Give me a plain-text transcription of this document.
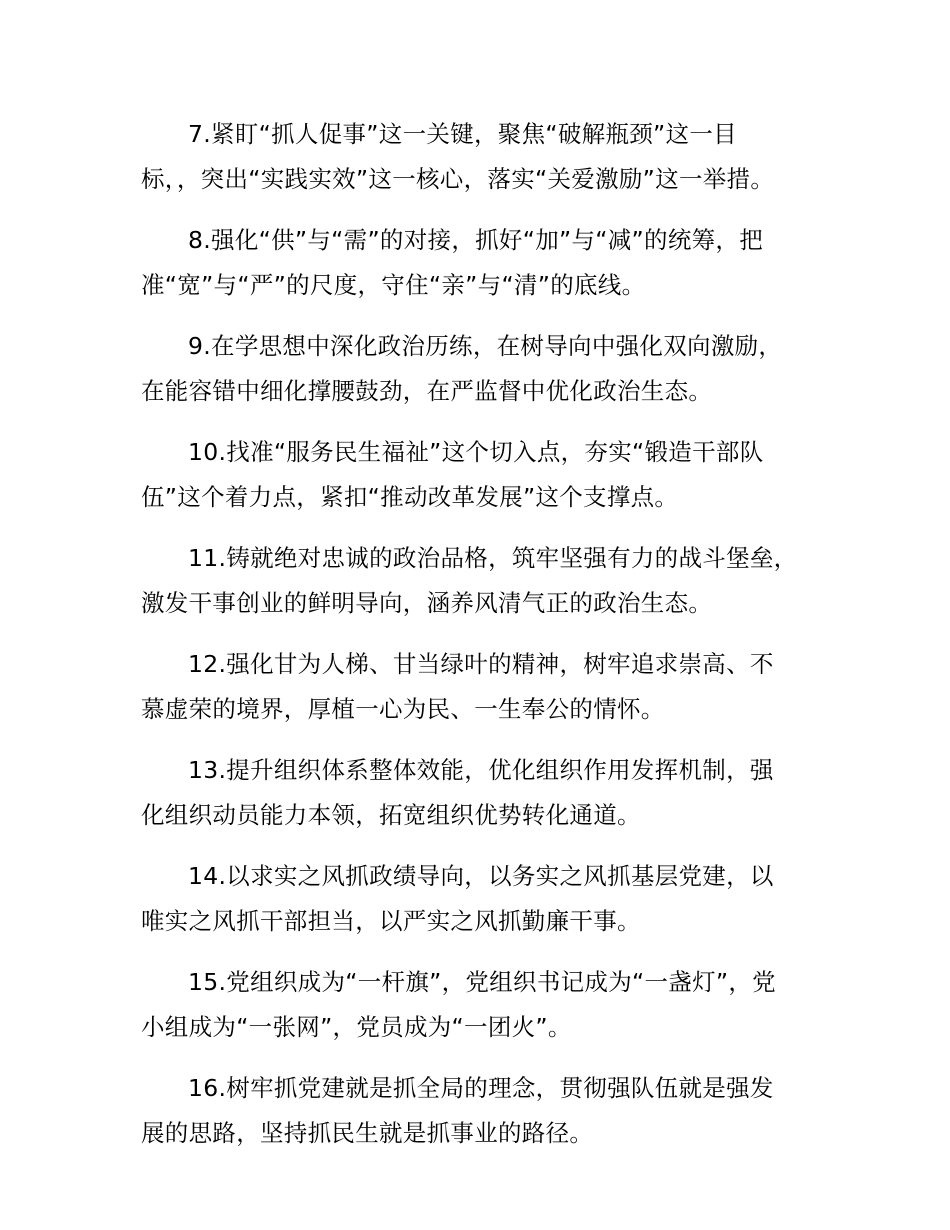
7.紧盯“抓人促事”这一关键，聚焦“破解瓶颈”这一目
标，，突出“实践实效”这一核心，落实“关爱激励”这一举措。

8.强化“供”与“需”的对接，抓好“加”与“减”的统筹，把
准“宽”与“严”的尺度，守住“亲”与“清”的底线。

9.在学思想中深化政治历练，在树导向中强化双向激励，
在能容错中细化撑腰鼓劲，在严监督中优化政治生态。

10.找准“服务民生福祉”这个切入点，夯实“锻造干部队
伍”这个着力点，紧扣“推动改革发展”这个支撑点。

11.铸就绝对忠诚的政治品格，筑牢坚强有力的战斗堡垒，
激发干事创业的鲜明导向，涵养风清气正的政治生态。

12.强化甘为人梯、甘当绿叶的精神，树牢追求崇高、不
慕虚荣的境界，厚植一心为民、一生奉公的情怀。

13.提升组织体系整体效能，优化组织作用发挥机制，强
化组织动员能力本领，拓宽组织优势转化通道。

14.以求实之风抓政绩导向，以务实之风抓基层党建，以
唯实之风抓干部担当，以严实之风抓勤廉干事。

15.党组织成为“一杆旗”，党组织书记成为“一盏灯”，党
小组成为“一张网”，党员成为“一团火”。

16.树牢抓党建就是抓全局的理念，贯彻强队伍就是强发
展的思路，坚持抓民生就是抓事业的路径。
